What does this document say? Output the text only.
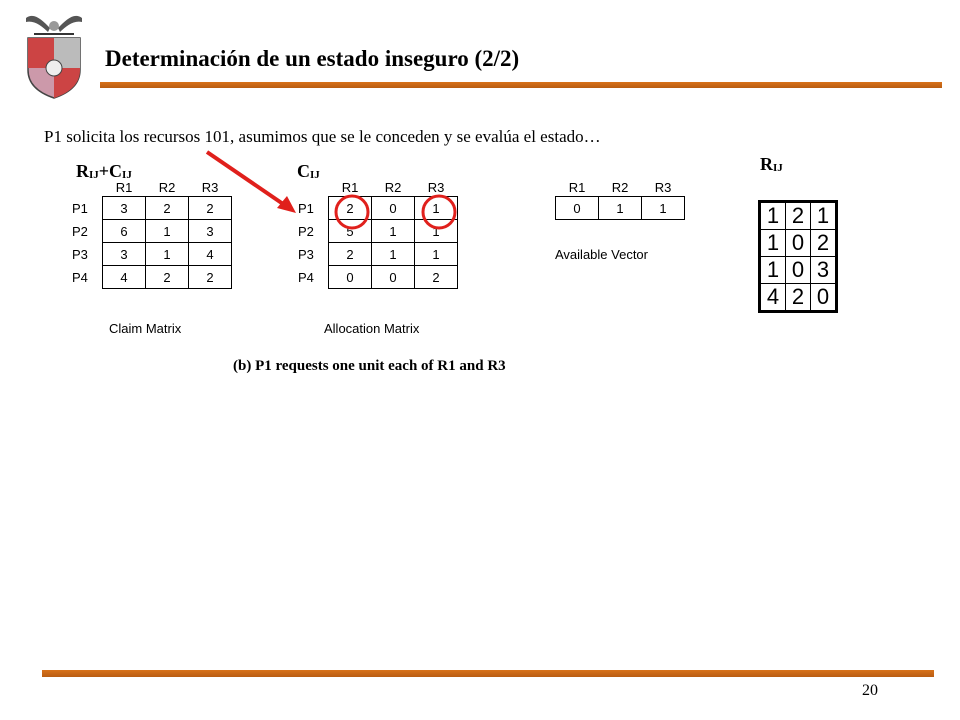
Determinación de un estado inseguro (2/2)
P1 solicita los recursos 101, asumimos que se le conceden y se evalúa el estado…
$R_{IJ}+C_{IJ}$	$C_{IJ}$
$R_{IJ}$
	R1	R2	R3
P1	3	2	2
P2	6	1	3
P3	3	1	4
P4	4	2	2
Claim Matrix
	R1	R2	R3
P1	2	0	1
P2	5	1	1
P3	2	1	1
P4	0	0	2
Allocation Matrix
R1	R2	R3
0	1	1
Available Vector
(b) P1 requests one unit each of R1 and R3
1	2	1
1	0	2
1	0	3
4	2	0
20
